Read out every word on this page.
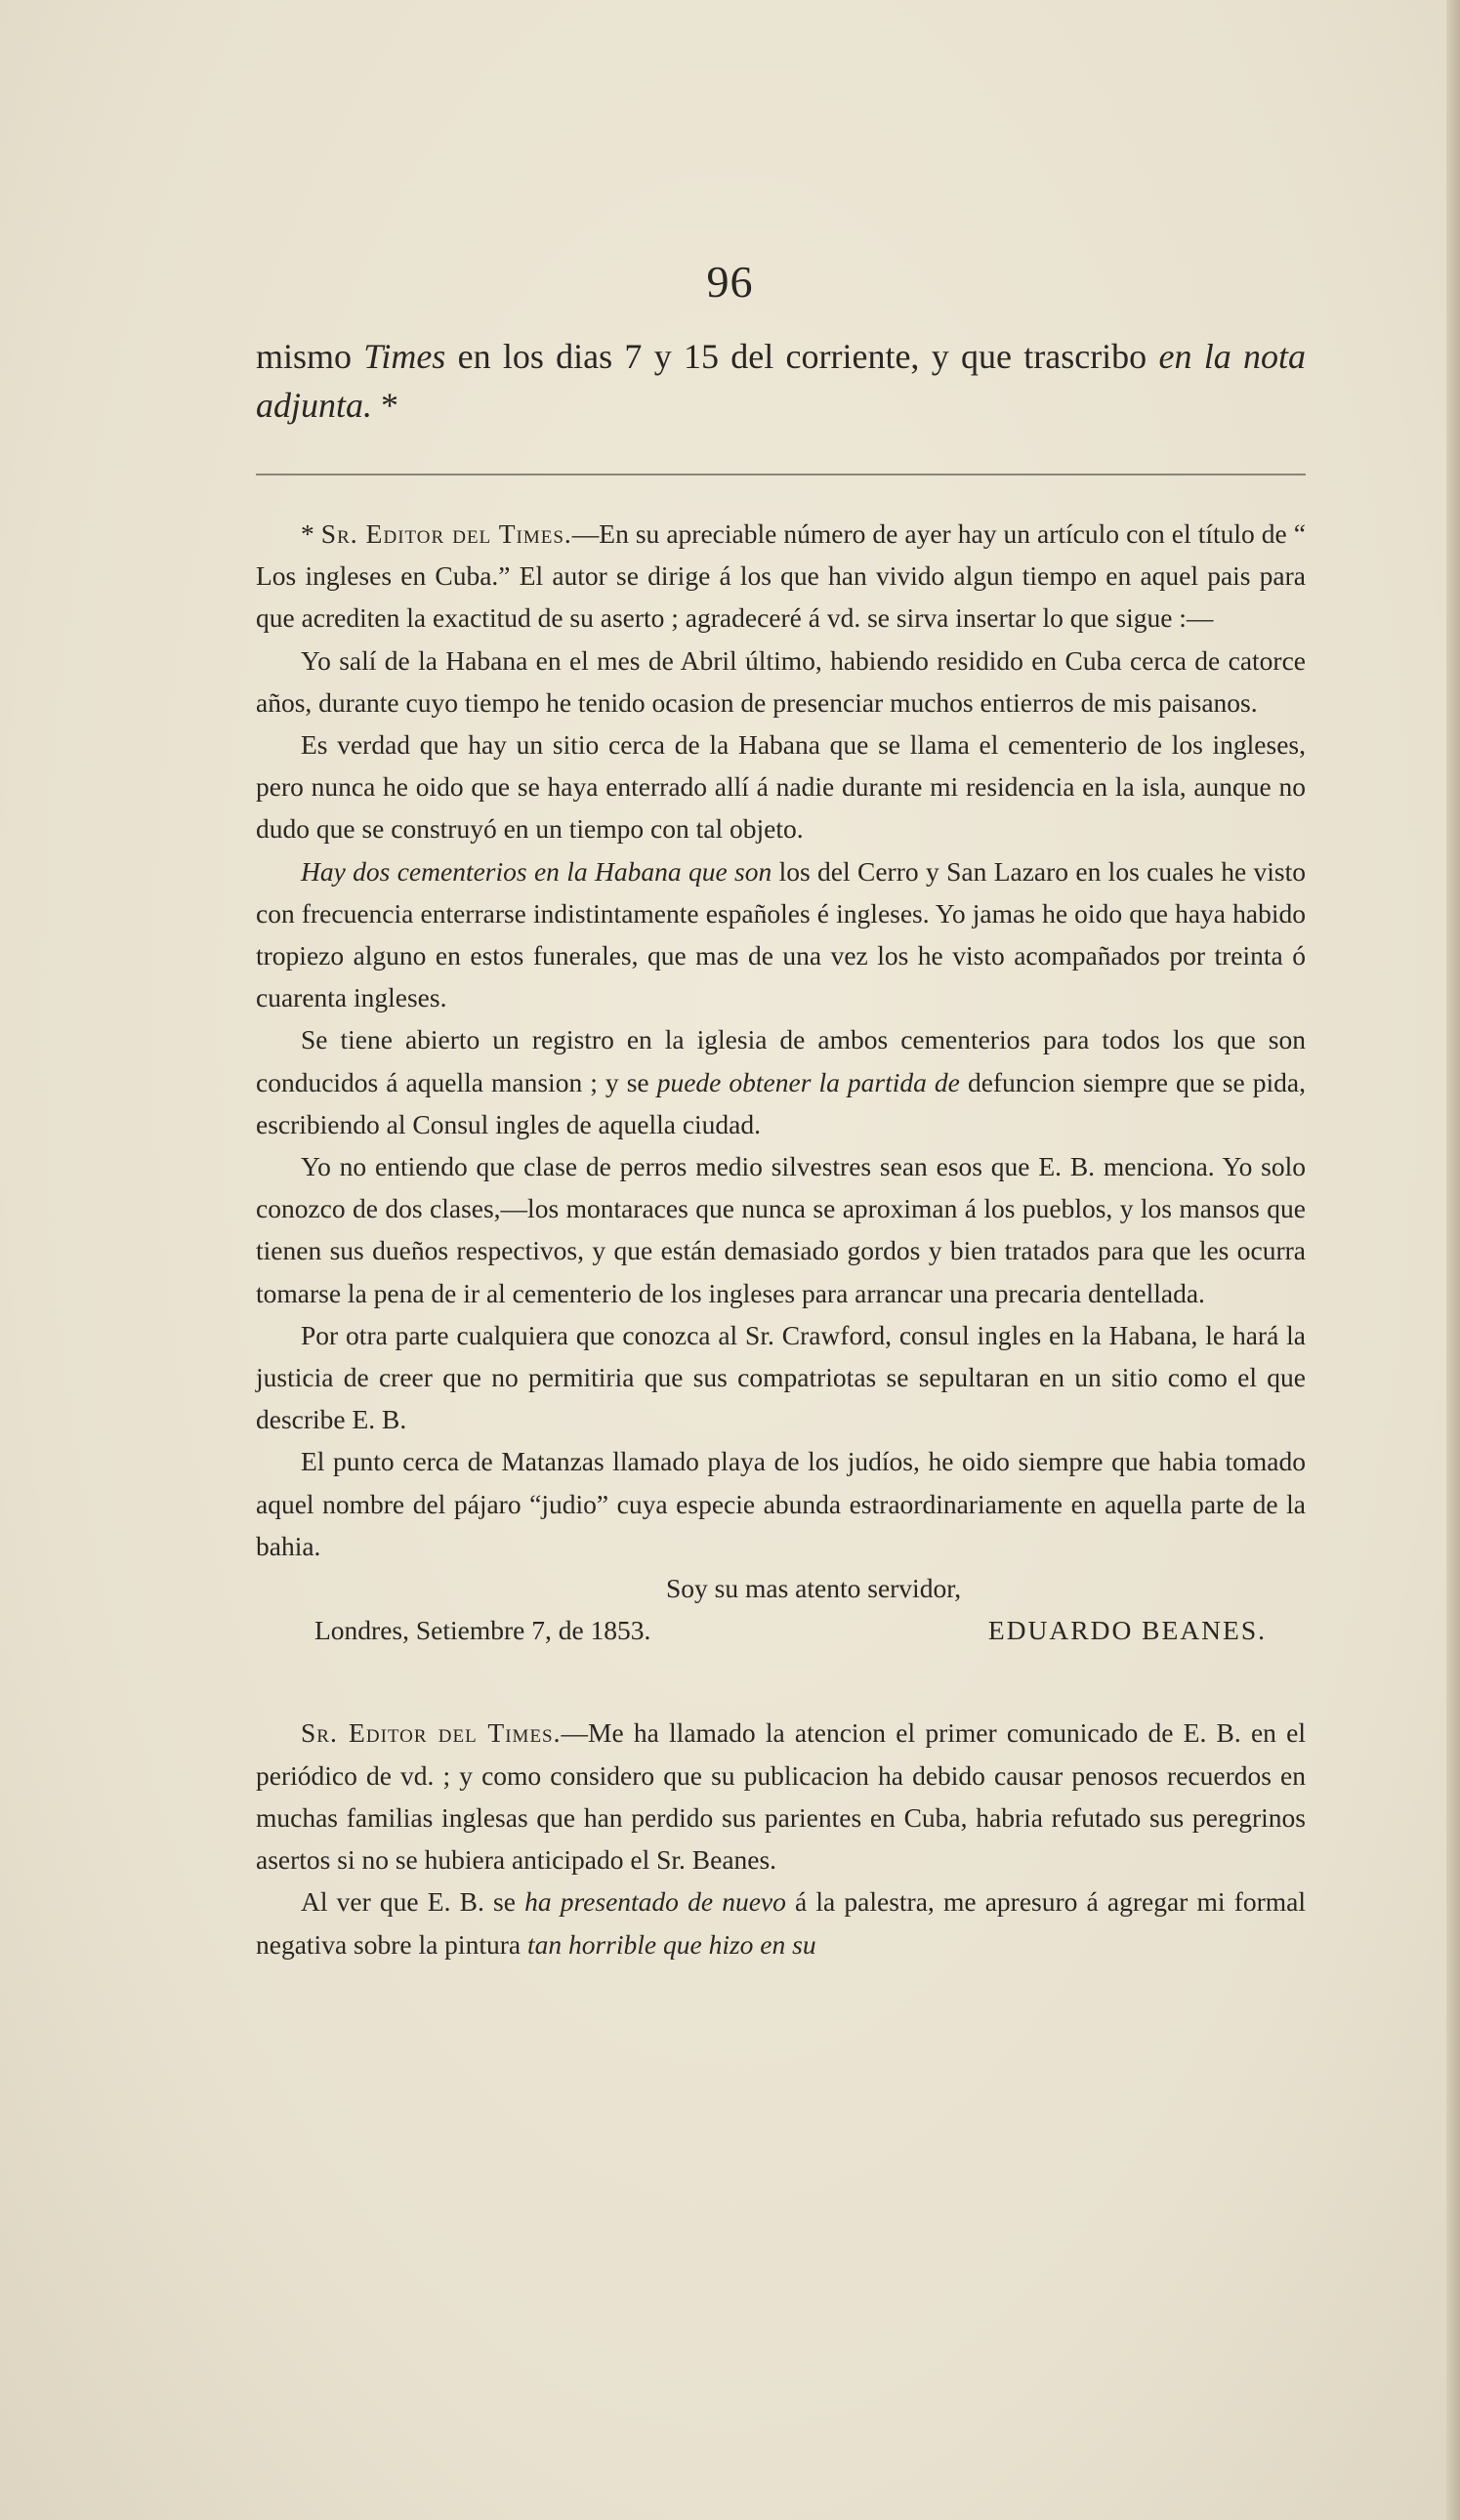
96

mismo Times en los dias 7 y 15 del corriente, y que trascribo en la nota adjunta. *

* Sr. Editor del Times.—En su apreciable número de ayer hay un artículo con el título de “ Los ingleses en Cuba.” El autor se dirige á los que han vivido algun tiempo en aquel pais para que acrediten la exactitud de su aserto ; agradeceré á vd. se sirva insertar lo que sigue :—

Yo salí de la Habana en el mes de Abril último, habiendo residido en Cuba cerca de catorce años, durante cuyo tiempo he tenido ocasion de presenciar muchos entierros de mis paisanos.

Es verdad que hay un sitio cerca de la Habana que se llama el cementerio de los ingleses, pero nunca he oido que se haya enterrado allí á nadie durante mi residencia en la isla, aunque no dudo que se construyó en un tiempo con tal objeto.

Hay dos cementerios en la Habana que son los del Cerro y San Lazaro en los cuales he visto con frecuencia enterrarse indistintamente españoles é ingleses. Yo jamas he oido que haya habido tropiezo alguno en estos funerales, que mas de una vez los he visto acompañados por treinta ó cuarenta ingleses.

Se tiene abierto un registro en la iglesia de ambos cementerios para todos los que son conducidos á aquella mansion ; y se puede obtener la partida de defuncion siempre que se pida, escribiendo al Consul ingles de aquella ciudad.

Yo no entiendo que clase de perros medio silvestres sean esos que E. B. menciona. Yo solo conozco de dos clases,—los montaraces que nunca se aproximan á los pueblos, y los mansos que tienen sus dueños respectivos, y que están demasiado gordos y bien tratados para que les ocurra tomarse la pena de ir al cementerio de los ingleses para arrancar una precaria dentellada.

Por otra parte cualquiera que conozca al Sr. Crawford, consul ingles en la Habana, le hará la justicia de creer que no permitiria que sus compatriotas se sepultaran en un sitio como el que describe E. B.

El punto cerca de Matanzas llamado playa de los judíos, he oido siempre que habia tomado aquel nombre del pájaro “judio” cuya especie abunda estraordinariamente en aquella parte de la bahia.

Soy su mas atento servidor,

Londres, Setiembre 7, de 1853.	EDUARDO BEANES.

Sr. Editor del Times.—Me ha llamado la atencion el primer comunicado de E. B. en el periódico de vd. ; y como considero que su publicacion ha debido causar penosos recuerdos en muchas familias inglesas que han perdido sus parientes en Cuba, habria refutado sus peregrinos asertos si no se hubiera anticipado el Sr. Beanes.

Al ver que E. B. se ha presentado de nuevo á la palestra, me apresuro á agregar mi formal negativa sobre la pintura tan horrible que hizo en su
